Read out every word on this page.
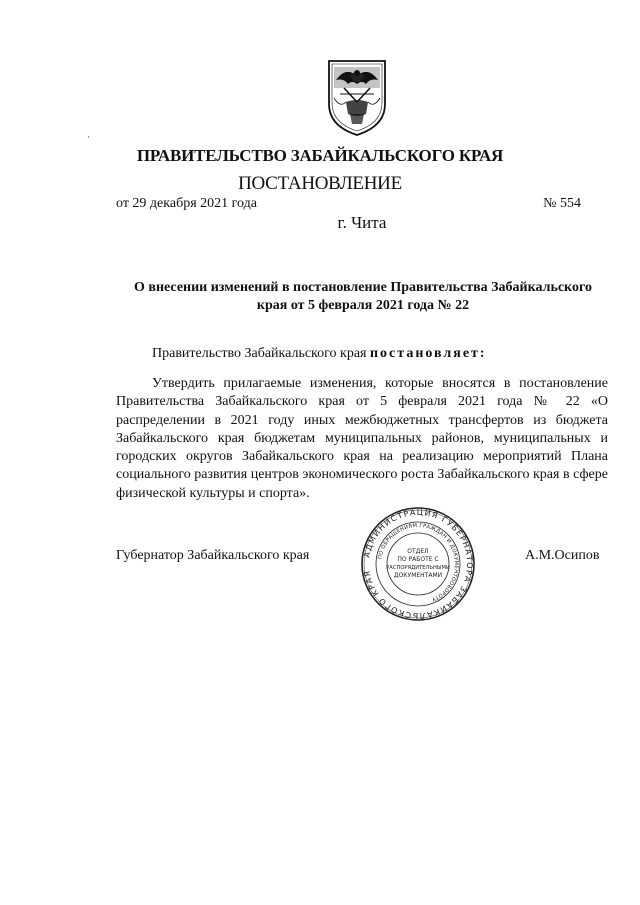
ПРАВИТЕЛЬСТВО ЗАБАЙКАЛЬСКОГО КРАЯ
ПОСТАНОВЛЕНИЕ
от 29 декабря 2021 года	№ 554
г. Чита
О внесении изменений в постановление Правительства Забайкальского края от 5 февраля 2021 года № 22
Правительство Забайкальского края постановляет:
Утвердить прилагаемые изменения, которые вносятся в постановление Правительства Забайкальского края от 5 февраля 2021 года № 22 «О распределении в 2021 году иных межбюджетных трансфертов из бюджета Забайкальского края бюджетам муниципальных районов, муниципальных и городских округов Забайкальского края на реализацию мероприятий Плана социального развития центров экономического роста Забайкальского края в сфере физической культуры и спорта».
Губернатор Забайкальского края	А.М.Осипов
АДМИНИСТРАЦИЯ ГУБЕРНАТОРА ЗАБАЙКАЛЬСКОГО КРАЯ
ПО ОБРАЩЕНИЯМ ГРАЖДАН И ДОКУМЕНТООБОРОТУ
ОТДЕЛ
ПО РАБОТЕ С
РАСПОРЯДИТЕЛЬНЫМИ
ДОКУМЕНТАМИ
